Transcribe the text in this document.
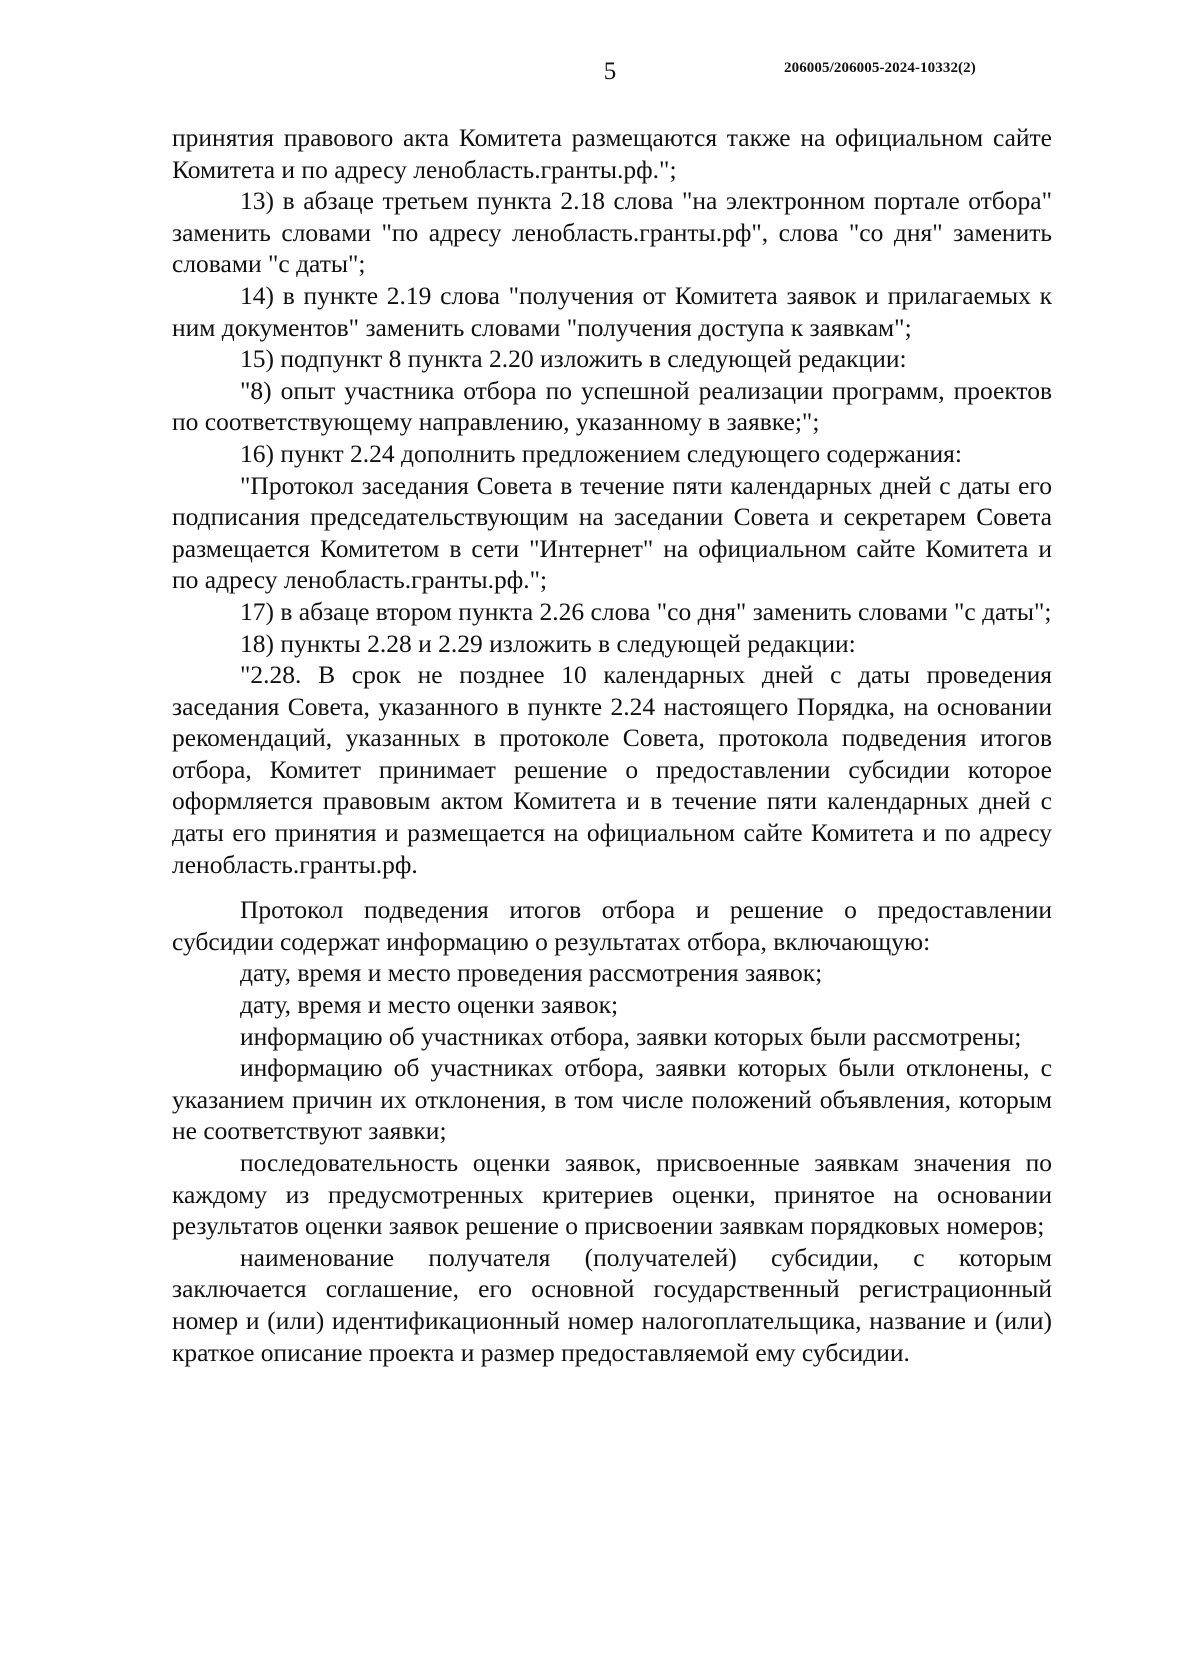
5	206005/206005-2024-10332(2)

принятия правового акта Комитета размещаются также на официальном сайте Комитета и по адресу ленобласть.гранты.рф.";

13) в абзаце третьем пункта 2.18 слова "на электронном портале отбора" заменить словами "по адресу ленобласть.гранты.рф", слова "со дня" заменить словами "с даты";

14) в пункте 2.19 слова "получения от Комитета заявок и прилагаемых к ним документов" заменить словами "получения доступа к заявкам";

15) подпункт 8 пункта 2.20 изложить в следующей редакции:

"8) опыт участника отбора по успешной реализации программ, проектов по соответствующему направлению, указанному в заявке;";

16) пункт 2.24 дополнить предложением следующего содержания:

"Протокол заседания Совета в течение пяти календарных дней с даты его подписания председательствующим на заседании Совета и секретарем Совета размещается Комитетом в сети "Интернет" на официальном сайте Комитета и по адресу ленобласть.гранты.рф.";

17) в абзаце втором пункта 2.26 слова "со дня" заменить словами "с даты";

18) пункты 2.28 и 2.29 изложить в следующей редакции:

"2.28. В срок не позднее 10 календарных дней с даты проведения заседания Совета, указанного в пункте 2.24 настоящего Порядка, на основании рекомендаций, указанных в протоколе Совета, протокола подведения итогов отбора, Комитет принимает решение о предоставлении субсидии которое оформляется правовым актом Комитета и в течение пяти календарных дней с даты его принятия и размещается на официальном сайте Комитета и по адресу ленобласть.гранты.рф.

Протокол подведения итогов отбора и решение о предоставлении субсидии содержат информацию о результатах отбора, включающую:

дату, время и место проведения рассмотрения заявок;

дату, время и место оценки заявок;

информацию об участниках отбора, заявки которых были рассмотрены;

информацию об участниках отбора, заявки которых были отклонены, с указанием причин их отклонения, в том числе положений объявления, которым не соответствуют заявки;

последовательность оценки заявок, присвоенные заявкам значения по каждому из предусмотренных критериев оценки, принятое на основании результатов оценки заявок решение о присвоении заявкам порядковых номеров;

наименование получателя (получателей) субсидии, с которым заключается соглашение, его основной государственный регистрационный номер и (или) идентификационный номер налогоплательщика, название и (или) краткое описание проекта и размер предоставляемой ему субсидии.
